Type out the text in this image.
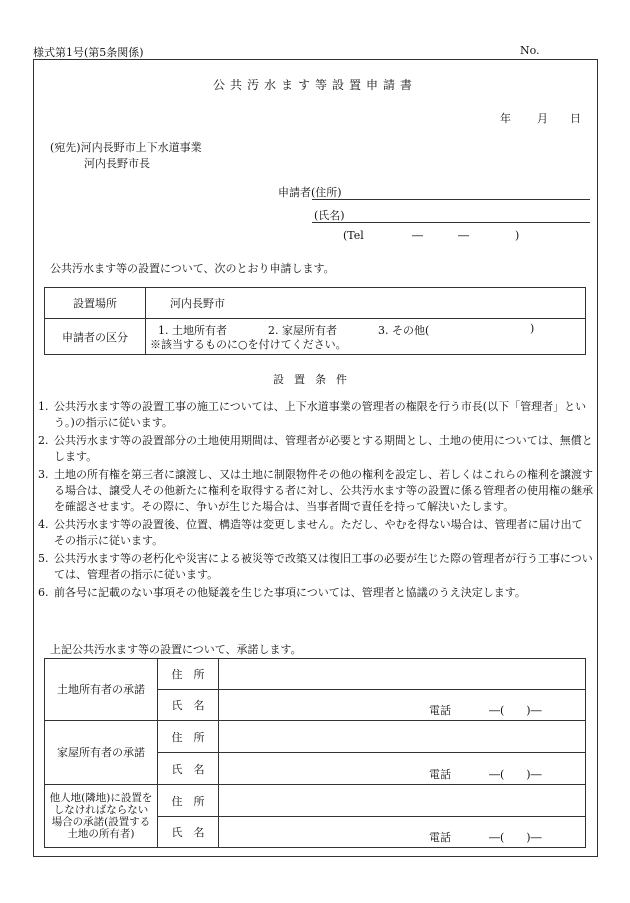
様式第1号(第5条関係)	No.
公共汚水ます等設置申請書
年 月 日
(宛先)河内長野市上下水道事業
河内長野市長
申請者(住所)
(氏名)
(Tel	―	―	)
公共汚水ます等の設置について、次のとおり申請します。
設置場所	河内長野市
申請者の区分	1. 土地所有者 2. 家屋所有者 3. その他( )
※該当するものに○を付けてください。
設置条件
1. 公共汚水ます等の設置工事の施工については、上下水道事業の管理者の権限を行う市長(以下「管理者」という。)の指示に従います。
2. 公共汚水ます等の設置部分の土地使用期間は、管理者が必要とする期間とし、土地の使用については、無償とします。
3. 土地の所有権を第三者に譲渡し、又は土地に制限物件その他の権利を設定し、若しくはこれらの権利を譲渡する場合は、譲受人その他新たに権利を取得する者に対し、公共汚水ます等の設置に係る管理者の使用権の継承を確認させます。その際に、争いが生じた場合は、当事者間で責任を持って解決いたします。
4. 公共汚水ます等の設置後、位置、構造等は変更しません。ただし、やむを得ない場合は、管理者に届け出てその指示に従います。
5. 公共汚水ます等の老朽化や災害による被災等で改築又は復旧工事の必要が生じた際の管理者が行う工事については、管理者の指示に従います。
6. 前各号に記載のない事項その他疑義を生じた事項については、管理者と協議のうえ決定します。
上記公共汚水ます等の設置について、承諾します。
土地所有者の承諾	住　所	
	氏　名	電話 ―(　　)―

家屋所有者の承諾	住　所	
	氏　名	電話 ―(　　)―

他人地(隣地)に設置をしなければならない場合の承諾(設置する土地の所有者)	住　所	
	氏　名	電話 ―(　　)―
